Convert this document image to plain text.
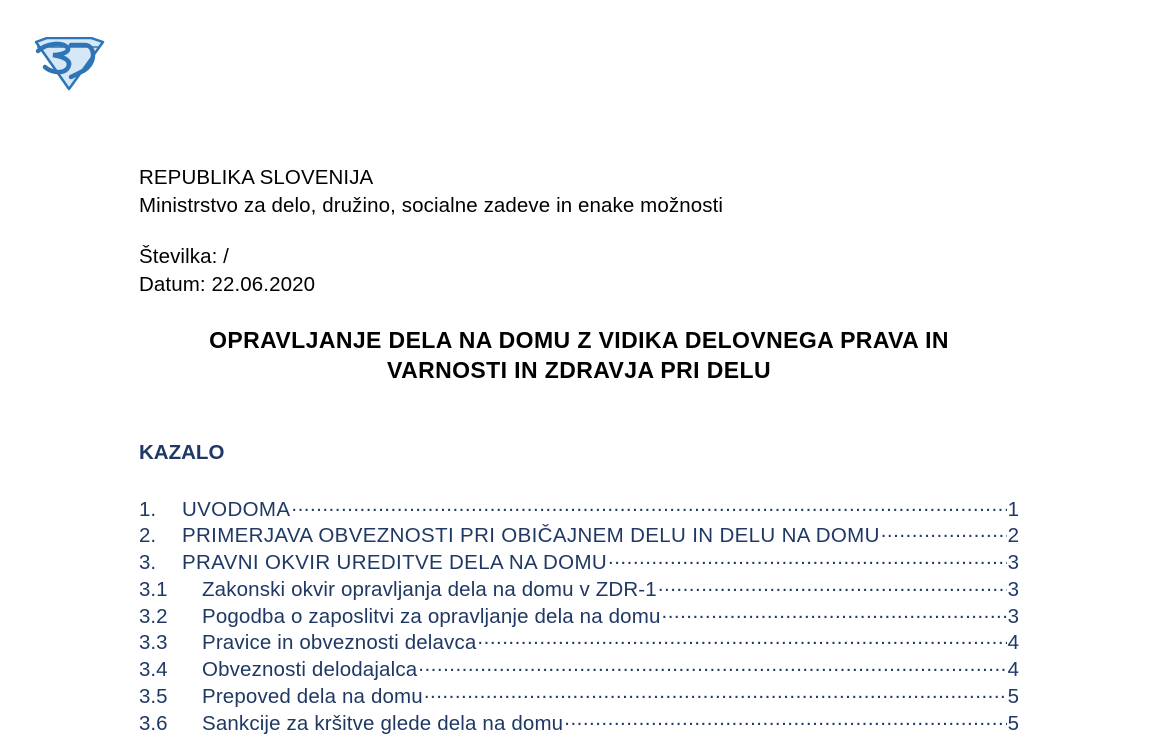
REPUBLIKA SLOVENIJA
Ministrstvo za delo, družino, socialne zadeve in enake možnosti
Številka: /
Datum: 22.06.2020
OPRAVLJANJE DELA NA DOMU Z VIDIKA DELOVNEGA PRAVA IN
VARNOSTI IN ZDRAVJA PRI DELU
KAZALO
1.	UVODOMA .....	1
2.	PRIMERJAVA OBVEZNOSTI PRI OBIČAJNEM DELU IN DELU NA DOMU .....	2
3.	PRAVNI OKVIR UREDITVE DELA NA DOMU .....	3
3.1	Zakonski okvir opravljanja dela na domu v ZDR-1 .....	3
3.2	Pogodba o zaposlitvi za opravljanje dela na domu .....	3
3.3	Pravice in obveznosti delavca .....	4
3.4	Obveznosti delodajalca .....	4
3.5	Prepoved dela na domu .....	5
3.6	Sankcije za kršitve glede dela na domu .....	5
